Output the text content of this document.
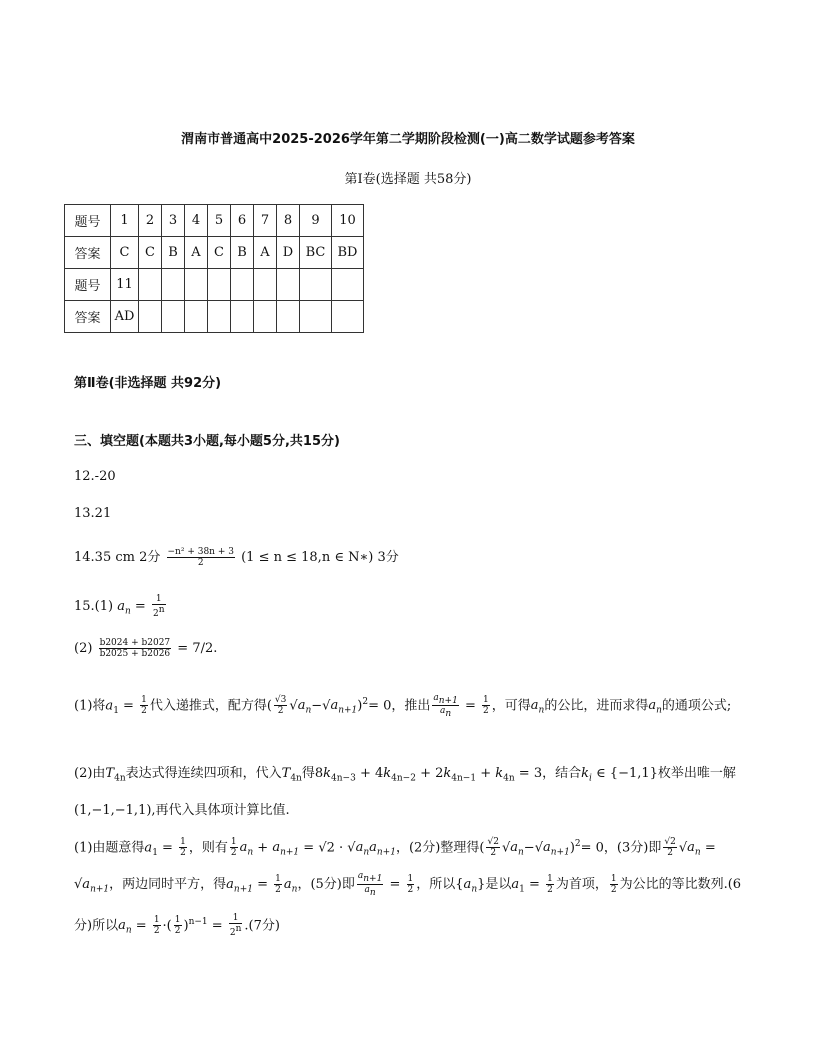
渭南市普通高中2025-2026学年第二学期阶段检测(一)高二数学试题参考答案
第Ⅰ卷(选择题 共58分)
题号	1	2	3	4	5	6	7	8	9	10
答案	C	C	B	A	C	B	A	D	BC	BD
题号	11									
答案	AD									
第Ⅱ卷(非选择题 共92分)
三、填空题(本题共3小题,每小题5分,共15分)
12.-20
13.21
14.35 cm 2分 $\frac{\text{−n² + 38n + 3}}{2} (1 \le n \le 18,n$ ∈ N∗) 3分
15.(1) $a_n = \frac{1}{2^n}$
$(2) \frac{b2024 + b2027}{b2025 + b2026} = 7/2$.
(1)将$a_1 = \frac{1}{2}$ 代入递推式，配方得( $\frac{√3}{2} √a_n-√a_{n+1})^2= 0$，推出 $\frac{a_{n+1}}{a_n} = \frac{1}{2}$ ，可得$a_n$的公比，进而求得$a_n$的通项公式;
(2)由$T_{4n}$表达式得连续四项和，代入$T_{4n}$得$8k_{4n-3} + 4k_{4n-2} + 2k_{4n-1} + k_{4n} = 3$，结合$k_i$ ∈ {−1,1}枚举出唯一解(1,−1,−1,1),再代入具体项计算比值.
(1)由题意得$a_1 = \frac{1}{2}$ ，则有 $\frac{1}{2} a_n + a_{n+1} = √2 \cdot √a_na_{n+1}$，(2分)整理得( $\frac{√2}{2} √a_n-√a_{n+1})^2= 0$，(3分)即 $\frac{√2}{2} √a_n = √a_{n+1}$，两边同时平方，得$a_{n+1} = \frac{1}{2} a_n$，(5分)即 $\frac{a_{n+1}}{a_n} = \frac{1}{2}$ ，所以$\{a_n\}$是以$a_1 = \frac{1}{2}$ 为首项， $\frac{1}{2}$ 为公比的等比数列.(6分)所以$a_n = \frac{1}{2}$ ·( $\frac{1}{2} )^{n-1} = \frac{1}{2^n} .(7$分)
